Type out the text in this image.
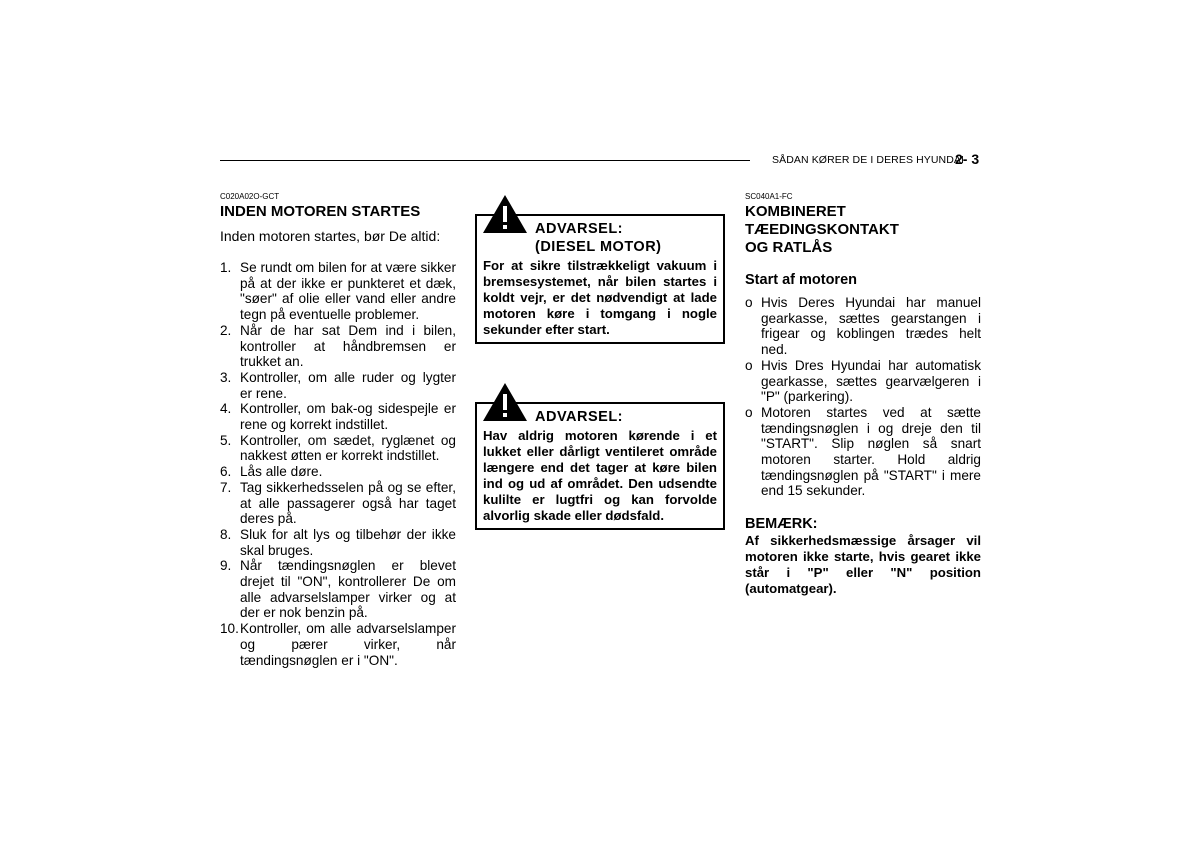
SÅDAN KØRER DE I DERES HYUNDAI
2- 3
C020A02O-GCT
INDEN MOTOREN STARTES
Inden motoren startes, bør De altid:
1. Se rundt om bilen for at være sikker på at der ikke er punkteret et dæk, "søer" af olie eller vand eller andre tegn på eventuelle problemer.
2. Når de har sat Dem ind i bilen, kontroller at håndbremsen er trukket an.
3. Kontroller, om alle ruder og lygter er rene.
4. Kontroller, om bak-og sidespejle er rene og korrekt indstillet.
5. Kontroller, om sædet, ryglænet og nakkest øtten er korrekt indstillet.
6. Lås alle døre.
7. Tag sikkerhedsselen på og se efter, at alle passagerer også har taget deres på.
8. Sluk for alt lys og tilbehør der ikke skal bruges.
9. Når tændingsnøglen er blevet drejet til "ON", kontrollerer De om alle advarselslamper virker og at der er nok benzin på.
10. Kontroller, om alle advarselslamper og pærer virker, når tændingsnøglen er i "ON".
ADVARSEL:
(DIESEL MOTOR)
For at sikre tilstrækkeligt vakuum i bremsesystemet, når bilen startes i koldt vejr, er det nødvendigt at lade motoren køre i tomgang i nogle sekunder efter start.
ADVARSEL:
Hav aldrig motoren kørende i et lukket eller dårligt ventileret område længere end det tager at køre bilen ind og ud af området. Den udsendte kulilte er lugtfri og kan forvolde alvorlig skade eller dødsfald.
SC040A1-FC
KOMBINERET
TÆEDINGSKONTAKT
OG RATLÅS
Start af motoren
o Hvis Deres Hyundai har manuel gearkasse, sættes gearstangen i frigear og koblingen trædes helt ned.
o Hvis Dres Hyundai har automatisk gearkasse, sættes gearvælgeren i "P" (parkering).
o Motoren startes ved at sætte tændingsnøglen i og dreje den til "START". Slip nøglen så snart motoren starter. Hold aldrig tændingsnøglen på "START" i mere end 15 sekunder.
BEMÆRK:
Af sikkerhedsmæssige årsager vil motoren ikke starte, hvis gearet ikke står i "P" eller "N" position (automatgear).
